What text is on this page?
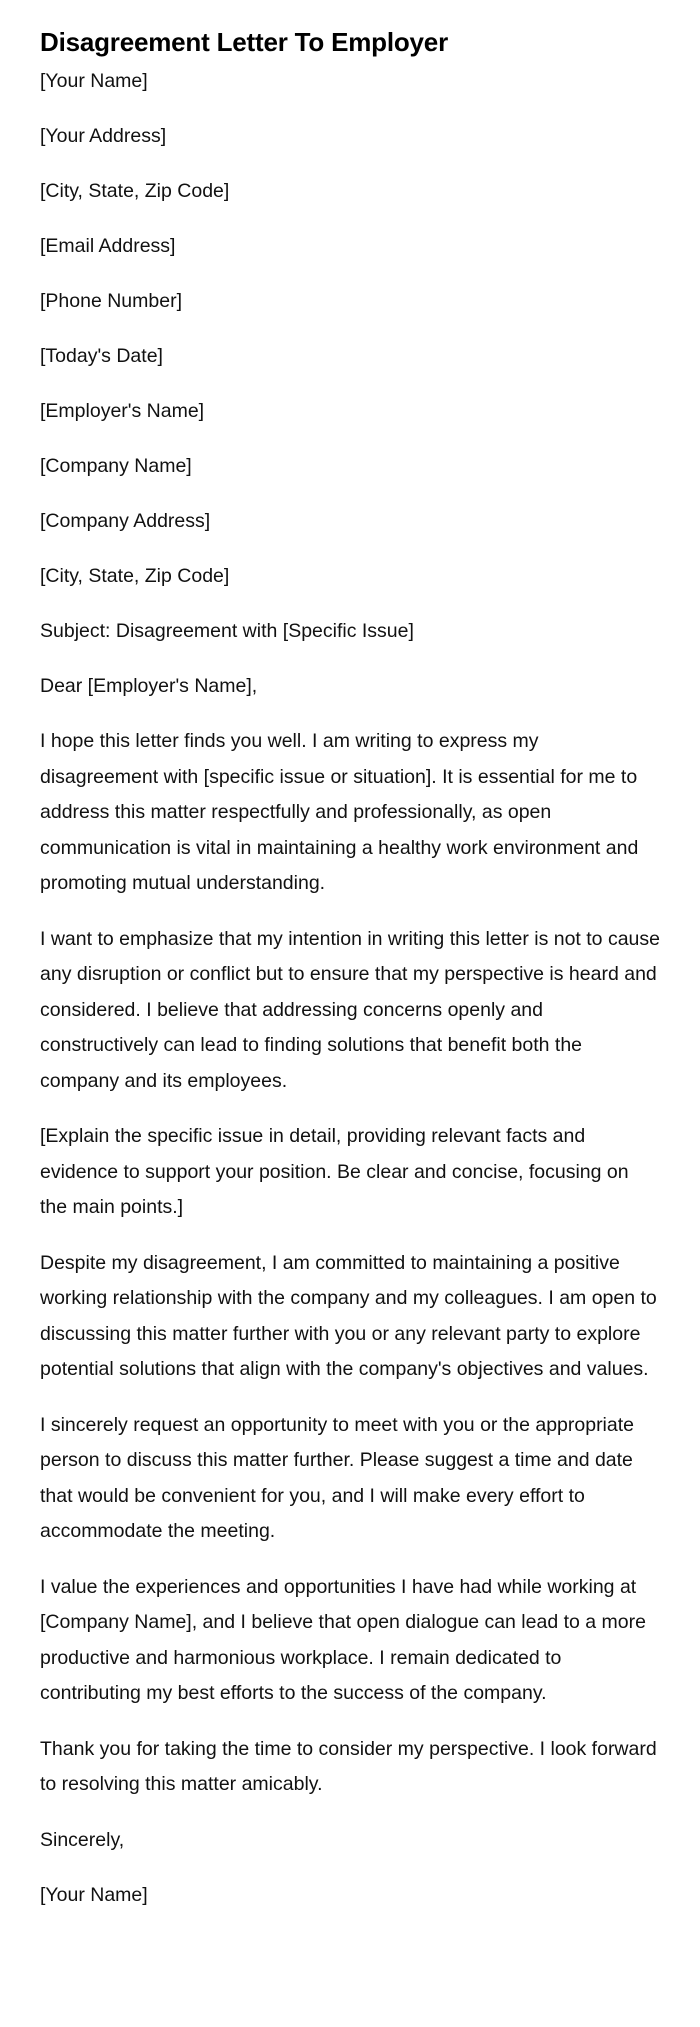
Disagreement Letter To Employer

[Your Name]

[Your Address]

[City, State, Zip Code]

[Email Address]

[Phone Number]

[Today's Date]

[Employer's Name]

[Company Name]

[Company Address]

[City, State, Zip Code]

Subject: Disagreement with [Specific Issue]

Dear [Employer's Name],

I hope this letter finds you well. I am writing to express my disagreement with [specific issue or situation]. It is essential for me to address this matter respectfully and professionally, as open communication is vital in maintaining a healthy work environment and promoting mutual understanding.

I want to emphasize that my intention in writing this letter is not to cause any disruption or conflict but to ensure that my perspective is heard and considered. I believe that addressing concerns openly and constructively can lead to finding solutions that benefit both the company and its employees.

[Explain the specific issue in detail, providing relevant facts and evidence to support your position. Be clear and concise, focusing on the main points.]

Despite my disagreement, I am committed to maintaining a positive working relationship with the company and my colleagues. I am open to discussing this matter further with you or any relevant party to explore potential solutions that align with the company's objectives and values.

I sincerely request an opportunity to meet with you or the appropriate person to discuss this matter further. Please suggest a time and date that would be convenient for you, and I will make every effort to accommodate the meeting.

I value the experiences and opportunities I have had while working at [Company Name], and I believe that open dialogue can lead to a more productive and harmonious workplace. I remain dedicated to contributing my best efforts to the success of the company.

Thank you for taking the time to consider my perspective. I look forward to resolving this matter amicably.

Sincerely,

[Your Name]
